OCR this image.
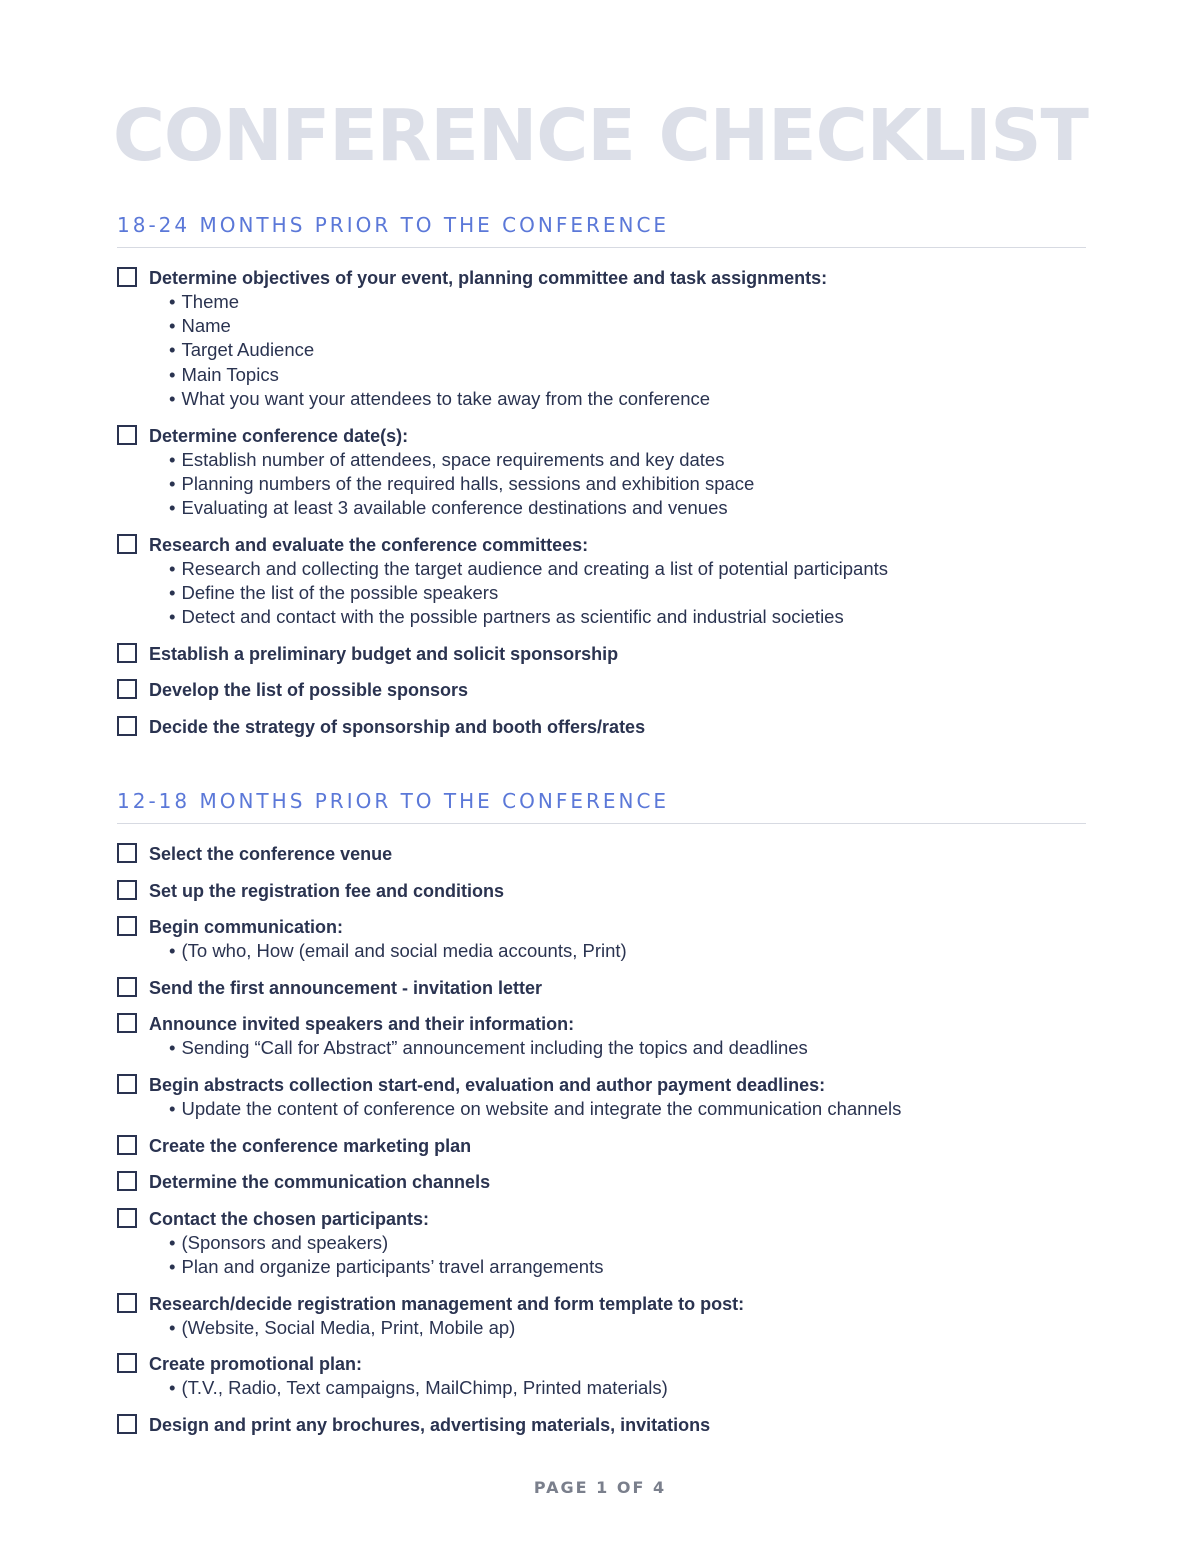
CONFERENCE CHECKLIST
18-24 MONTHS PRIOR TO THE CONFERENCE
Determine objectives of your event, planning committee and task assignments:
• Theme
• Name
• Target Audience
• Main Topics
• What you want your attendees to take away from the conference
Determine conference date(s):
• Establish number of attendees, space requirements and key dates
• Planning numbers of the required halls, sessions and exhibition space
• Evaluating at least 3 available conference destinations and venues
Research and evaluate the conference committees:
• Research and collecting the target audience and creating a list of potential participants
• Define the list of the possible speakers
• Detect and contact with the possible partners as scientific and industrial societies
Establish a preliminary budget and solicit sponsorship
Develop the list of possible sponsors
Decide the strategy of sponsorship and booth offers/rates
12-18 MONTHS PRIOR TO THE CONFERENCE
Select the conference venue
Set up the registration fee and conditions
Begin communication:
• (To who, How (email and social media accounts, Print)
Send the first announcement - invitation letter
Announce invited speakers and their information:
• Sending “Call for Abstract” announcement including the topics and deadlines
Begin abstracts collection start-end, evaluation and author payment deadlines:
• Update the content of conference on website and integrate the communication channels
Create the conference marketing plan
Determine the communication channels
Contact the chosen participants:
• (Sponsors and speakers)
• Plan and organize participants’ travel arrangements
Research/decide registration management and form template to post:
• (Website, Social Media, Print, Mobile ap)
Create promotional plan:
• (T.V., Radio, Text campaigns, MailChimp, Printed materials)
Design and print any brochures, advertising materials, invitations
PAGE 1 OF 4
